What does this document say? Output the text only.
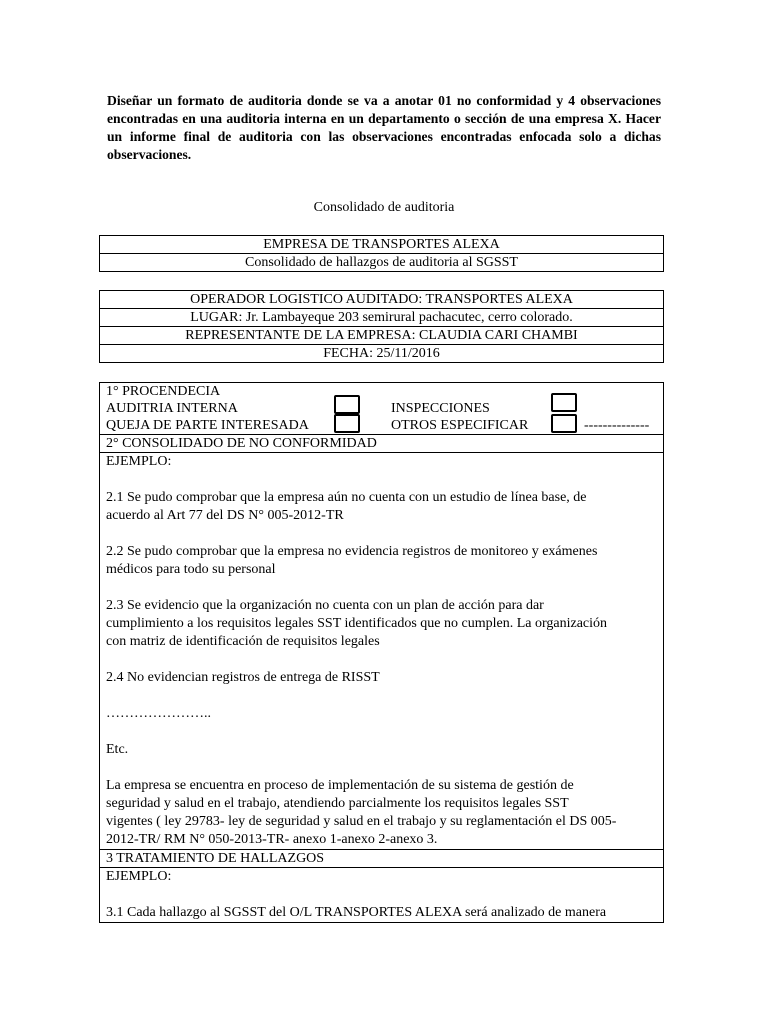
Diseñar un formato de auditoria donde se va a anotar 01 no conformidad y 4 observaciones encontradas en una auditoria interna en un departamento o sección de una empresa X. Hacer un informe final de auditoria con las observaciones encontradas enfocada solo a dichas observaciones.
Consolidado de auditoria
EMPRESA DE TRANSPORTES ALEXA
Consolidado de hallazgos de auditoria al SGSST
OPERADOR LOGISTICO AUDITADO: TRANSPORTES ALEXA
LUGAR: Jr. Lambayeque 203 semirural pachacutec, cerro colorado.
REPRESENTANTE DE LA EMPRESA: CLAUDIA CARI CHAMBI
FECHA: 25/11/2016
1° PROCENDECIA
AUDITRIA INTERNA	INSPECCIONES
QUEJA DE PARTE INTERESADA	OTROS ESPECIFICAR	--------------

2° CONSOLIDADO DE NO CONFORMIDAD

EJEMPLO:

2.1 Se pudo comprobar que la empresa aún no cuenta con un estudio de línea base, de

acuerdo al Art 77 del DS N° 005-2012-TR

2.2 Se pudo comprobar que la empresa no evidencia registros de monitoreo y exámenes

médicos para todo su personal

2.3 Se evidencio que la organización no cuenta con un plan de acción para dar

cumplimiento a los requisitos legales SST identificados que no cumplen. La organización

con matriz de identificación de requisitos legales

2.4 No evidencian registros de entrega de RISST

…………………..

Etc.

La empresa se encuentra en proceso de implementación de su sistema de gestión de

seguridad y salud en el trabajo, atendiendo parcialmente los requisitos legales SST

vigentes ( ley 29783- ley de seguridad y salud en el trabajo y su reglamentación el DS 005-

2012-TR/ RM N° 050-2013-TR- anexo 1-anexo 2-anexo 3.

3 TRATAMIENTO DE HALLAZGOS

EJEMPLO:

3.1 Cada hallazgo al SGSST del O/L TRANSPORTES ALEXA será analizado de manera
